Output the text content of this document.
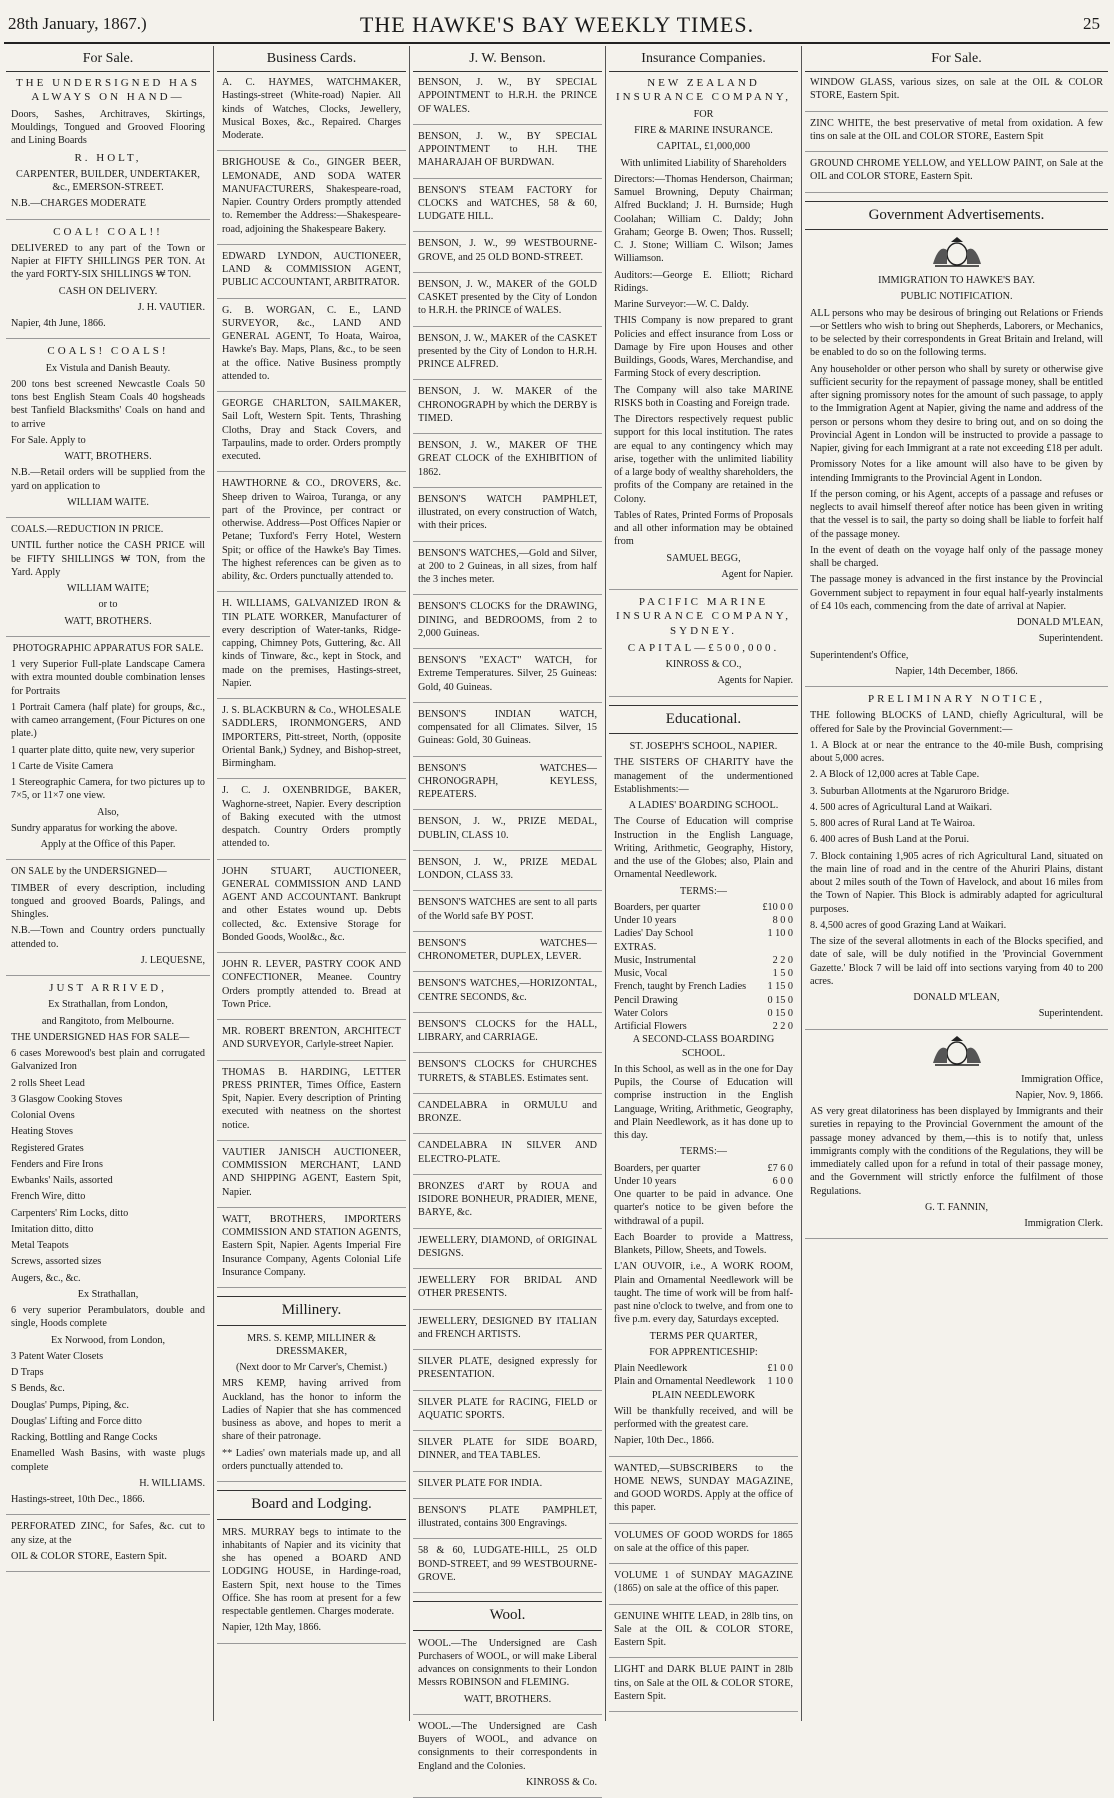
28th January, 1867.)	THE HAWKE'S BAY WEEKLY TIMES.	25
For Sale.

THE UNDERSIGNED HAS ALWAYS ON HAND—

Doors, Sashes, Architraves, Skirtings, Mouldings, Tongued and Grooved Flooring and Lining Boards

R. HOLT,

CARPENTER, BUILDER, UNDERTAKER, &c., EMERSON-STREET.

N.B.—CHARGES MODERATE

COAL! COAL!!

DELIVERED to any part of the Town or Napier at FIFTY SHILLINGS PER TON. At the yard FORTY-SIX SHILLINGS ₩ TON.

CASH ON DELIVERY.

J. H. VAUTIER.

Napier, 4th June, 1866.

COALS! COALS!

Ex Vistula and Danish Beauty.

200 tons best screened Newcastle Coals 50 tons best English Steam Coals 40 hogsheads best Tanfield Blacksmiths' Coals on hand and to arrive

For Sale. Apply to

WATT, BROTHERS.

N.B.—Retail orders will be supplied from the yard on application to

WILLIAM WAITE.

COALS.—REDUCTION IN PRICE.

UNTIL further notice the CASH PRICE will be FIFTY SHILLINGS ₩ TON, from the Yard. Apply

WILLIAM WAITE;

or to

WATT, BROTHERS.

PHOTOGRAPHIC APPARATUS FOR SALE.

1 very Superior Full-plate Landscape Camera with extra mounted double combination lenses for Portraits

1 Portrait Camera (half plate) for groups, &c., with cameo arrangement, (Four Pictures on one plate.)

1 quarter plate ditto, quite new, very superior

1 Carte de Visite Camera

1 Stereographic Camera, for two pictures up to 7×5, or 11×7 one view.

Also,

Sundry apparatus for working the above.

Apply at the Office of this Paper.

ON SALE by the UNDERSIGNED—

TIMBER of every description, including tongued and grooved Boards, Palings, and Shingles.

N.B.—Town and Country orders punctually attended to.

J. LEQUESNE,

JUST ARRIVED,

Ex Strathallan, from London,

and Rangitoto, from Melbourne.

THE UNDERSIGNED HAS FOR SALE—

6 cases Morewood's best plain and corrugated Galvanized Iron

2 rolls Sheet Lead

3 Glasgow Cooking Stoves

Colonial Ovens

Heating Stoves

Registered Grates

Fenders and Fire Irons

Ewbanks' Nails, assorted

French Wire, ditto

Carpenters' Rim Locks, ditto

Imitation ditto, ditto

Metal Teapots

Screws, assorted sizes

Augers, &c., &c.

Ex Strathallan,

6 very superior Perambulators, double and single, Hoods complete

Ex Norwood, from London,

3 Patent Water Closets

D Traps

S Bends, &c.

Douglas' Pumps, Piping, &c.

Douglas' Lifting and Force ditto

Racking, Bottling and Range Cocks

Enamelled Wash Basins, with waste plugs complete

H. WILLIAMS.

Hastings-street, 10th Dec., 1866.

PERFORATED ZINC, for Safes, &c. cut to any size, at the

OIL & COLOR STORE, Eastern Spit.

Business Cards.

A. C. HAYMES, WATCHMAKER, Hastings-street (White-road) Napier. All kinds of Watches, Clocks, Jewellery, Musical Boxes, &c., Repaired. Charges Moderate.

BRIGHOUSE & Co., GINGER BEER, LEMONADE, AND SODA WATER MANUFACTURERS, Shakespeare-road, Napier. Country Orders promptly attended to. Remember the Address:—Shakespeare-road, adjoining the Shakespeare Bakery.

EDWARD LYNDON, AUCTIONEER, LAND & COMMISSION AGENT, PUBLIC ACCOUNTANT, ARBITRATOR.

G. B. WORGAN, C. E., LAND SURVEYOR, &c., LAND AND GENERAL AGENT, To Hoata, Wairoa, Hawke's Bay. Maps, Plans, &c., to be seen at the office. Native Business promptly attended to.

GEORGE CHARLTON, SAILMAKER, Sail Loft, Western Spit. Tents, Thrashing Cloths, Dray and Stack Covers, and Tarpaulins, made to order. Orders promptly executed.

HAWTHORNE & CO., DROVERS, &c. Sheep driven to Wairoa, Turanga, or any part of the Province, per contract or otherwise. Address—Post Offices Napier or Petane; Tuxford's Ferry Hotel, Western Spit; or office of the Hawke's Bay Times. The highest references can be given as to ability, &c. Orders punctually attended to.

H. WILLIAMS, GALVANIZED IRON & TIN PLATE WORKER, Manufacturer of every description of Water-tanks, Ridge-capping, Chimney Pots, Guttering, &c. All kinds of Tinware, &c., kept in Stock, and made on the premises, Hastings-street, Napier.

J. S. BLACKBURN & Co., WHOLESALE SADDLERS, IRONMONGERS, AND IMPORTERS, Pitt-street, North, (opposite Oriental Bank,) Sydney, and Bishop-street, Birmingham.

J. C. J. OXENBRIDGE, BAKER, Waghorne-street, Napier. Every description of Baking executed with the utmost despatch. Country Orders promptly attended to.

JOHN STUART, AUCTIONEER, GENERAL COMMISSION AND LAND AGENT AND ACCOUNTANT. Bankrupt and other Estates wound up. Debts collected, &c. Extensive Storage for Bonded Goods, Wool&c., &c.

JOHN R. LEVER, PASTRY COOK AND CONFECTIONER, Meanee. Country Orders promptly attended to. Bread at Town Price.

MR. ROBERT BRENTON, ARCHITECT AND SURVEYOR, Carlyle-street Napier.

THOMAS B. HARDING, LETTER PRESS PRINTER, Times Office, Eastern Spit, Napier. Every description of Printing executed with neatness on the shortest notice.

VAUTIER JANISCH AUCTIONEER, COMMISSION MERCHANT, LAND AND SHIPPING AGENT, Eastern Spit, Napier.

WATT, BROTHERS, IMPORTERS COMMISSION AND STATION AGENTS, Eastern Spit, Napier. Agents Imperial Fire Insurance Company, Agents Colonial Life Insurance Company.

Millinery.

MRS. S. KEMP, MILLINER & DRESSMAKER,

(Next door to Mr Carver's, Chemist.)

MRS KEMP, having arrived from Auckland, has the honor to inform the Ladies of Napier that she has commenced business as above, and hopes to merit a share of their patronage.

** Ladies' own materials made up, and all orders punctually attended to.

Board and Lodging.

MRS. MURRAY begs to intimate to the inhabitants of Napier and its vicinity that she has opened a BOARD AND LODGING HOUSE, in Hardinge-road, Eastern Spit, next house to the Times Office. She has room at present for a few respectable gentlemen. Charges moderate.

Napier, 12th May, 1866.

J. W. Benson.

BENSON, J. W., BY SPECIAL APPOINTMENT to H.R.H. the PRINCE OF WALES.

BENSON, J. W., BY SPECIAL APPOINTMENT to H.H. THE MAHARAJAH OF BURDWAN.

BENSON'S STEAM FACTORY for CLOCKS and WATCHES, 58 & 60, LUDGATE HILL.

BENSON, J. W., 99 WESTBOURNE-GROVE, and 25 OLD BOND-STREET.

BENSON, J. W., MAKER of the GOLD CASKET presented by the City of London to H.R.H. the PRINCE of WALES.

BENSON, J. W., MAKER of the CASKET presented by the City of London to H.R.H. PRINCE ALFRED.

BENSON, J. W. MAKER of the CHRONOGRAPH by which the DERBY is TIMED.

BENSON, J. W., MAKER OF THE GREAT CLOCK of the EXHIBITION of 1862.

BENSON'S WATCH PAMPHLET, illustrated, on every construction of Watch, with their prices.

BENSON'S WATCHES,—Gold and Silver, at 200 to 2 Guineas, in all sizes, from half the 3 inches meter.

BENSON'S CLOCKS for the DRAWING, DINING, and BEDROOMS, from 2 to 2,000 Guineas.

BENSON'S "EXACT" WATCH, for Extreme Temperatures. Silver, 25 Guineas: Gold, 40 Guineas.

BENSON'S INDIAN WATCH, compensated for all Climates. Silver, 15 Guineas: Gold, 30 Guineas.

BENSON'S WATCHES—CHRONOGRAPH, KEYLESS, REPEATERS.

BENSON, J. W., PRIZE MEDAL, DUBLIN, CLASS 10.

BENSON, J. W., PRIZE MEDAL LONDON, CLASS 33.

BENSON'S WATCHES are sent to all parts of the World safe BY POST.

BENSON'S WATCHES—CHRONOMETER, DUPLEX, LEVER.

BENSON'S WATCHES,—HORIZONTAL, CENTRE SECONDS, &c.

BENSON'S CLOCKS for the HALL, LIBRARY, and CARRIAGE.

BENSON'S CLOCKS for CHURCHES TURRETS, & STABLES. Estimates sent.

CANDELABRA in ORMULU and BRONZE.

CANDELABRA IN SILVER AND ELECTRO-PLATE.

BRONZES d'ART by ROUA and ISIDORE BONHEUR, PRADIER, MENE, BARYE, &c.

JEWELLERY, DIAMOND, of ORIGINAL DESIGNS.

JEWELLERY FOR BRIDAL AND OTHER PRESENTS.

JEWELLERY, DESIGNED BY ITALIAN and FRENCH ARTISTS.

SILVER PLATE, designed expressly for PRESENTATION.

SILVER PLATE for RACING, FIELD or AQUATIC SPORTS.

SILVER PLATE for SIDE BOARD, DINNER, and TEA TABLES.

SILVER PLATE FOR INDIA.

BENSON'S PLATE PAMPHLET, illustrated, contains 300 Engravings.

58 & 60, LUDGATE-HILL, 25 OLD BOND-STREET, and 99 WESTBOURNE-GROVE.

Wool.

WOOL.—The Undersigned are Cash Purchasers of WOOL, or will make Liberal advances on consignments to their London Messrs ROBINSON and FLEMING.

WATT, BROTHERS.

WOOL.—The Undersigned are Cash Buyers of WOOL, and advance on consignments to their correspondents in England and the Colonies.

KINROSS & Co.

Insurance Companies.

NEW ZEALAND INSURANCE COMPANY,

FOR

FIRE & MARINE INSURANCE.

CAPITAL, £1,000,000

With unlimited Liability of Shareholders

Directors:—Thomas Henderson, Chairman; Samuel Browning, Deputy Chairman; Alfred Buckland; J. H. Burnside; Hugh Coolahan; William C. Daldy; John Graham; George B. Owen; Thos. Russell; C. J. Stone; William C. Wilson; James Williamson.

Auditors:—George E. Elliott; Richard Ridings.

Marine Surveyor:—W. C. Daldy.

THIS Company is now prepared to grant Policies and effect insurance from Loss or Damage by Fire upon Houses and other Buildings, Goods, Wares, Merchandise, and Farming Stock of every description.

The Company will also take MARINE RISKS both in Coasting and Foreign trade.

The Directors respectively request public support for this local institution. The rates are equal to any contingency which may arise, together with the unlimited liability of a large body of wealthy shareholders, the profits of the Company are retained in the Colony.

Tables of Rates, Printed Forms of Proposals and all other information may be obtained from

SAMUEL BEGG,

Agent for Napier.

PACIFIC MARINE INSURANCE COMPANY, SYDNEY.

CAPITAL—£500,000.

KINROSS & CO.,

Agents for Napier.

Educational.

ST. JOSEPH'S SCHOOL, NAPIER.

THE SISTERS OF CHARITY have the management of the undermentioned Establishments:—

A LADIES' BOARDING SCHOOL.

The Course of Education will comprise Instruction in the English Language, Writing, Arithmetic, Geography, History, and the use of the Globes; also, Plain and Ornamental Needlework.

TERMS:—

Boarders, per quarter	£10 0 0
Under 10 years	8 0 0
Ladies' Day School	1 10 0
EXTRAS.
Music, Instrumental	2 2 0
Music, Vocal	1 5 0
French, taught by French Ladies 1 15 0
Pencil Drawing	0 15 0
Water Colors	0 15 0
Artificial Flowers	2 2 0

A SECOND-CLASS BOARDING SCHOOL.

In this School, as well as in the one for Day Pupils, the Course of Education will comprise instruction in the English Language, Writing, Arithmetic, Geography, and Plain Needlework, as it has done up to this day.

TERMS:—

Boarders, per quarter	£7 6 0
Under 10 years	6 0 0

One quarter to be paid in advance. One quarter's notice to be given before the withdrawal of a pupil.

Each Boarder to provide a Mattress, Blankets, Pillow, Sheets, and Towels.

L'AN OUVOIR, i.e., A WORK ROOM, Plain and Ornamental Needlework will be taught. The time of work will be from half-past nine o'clock to twelve, and from one to five p.m. every day, Saturdays excepted.

TERMS PER QUARTER,

FOR APPRENTICESHIP:

Plain Needlework	£1 0 0
Plain and Ornamental Needlework 1 10 0

PLAIN NEEDLEWORK

Will be thankfully received, and will be performed with the greatest care.

Napier, 10th Dec., 1866.

WANTED,—SUBSCRIBERS to the HOME NEWS, SUNDAY MAGAZINE, and GOOD WORDS. Apply at the office of this paper.

VOLUMES OF GOOD WORDS for 1865 on sale at the office of this paper.

VOLUME 1 of SUNDAY MAGAZINE (1865) on sale at the office of this paper.

GENUINE WHITE LEAD, in 28lb tins, on Sale at the OIL & COLOR STORE, Eastern Spit.

LIGHT and DARK BLUE PAINT in 28lb tins, on Sale at the OIL & COLOR STORE, Eastern Spit.

For Sale.

WINDOW GLASS, various sizes, on sale at the OIL & COLOR STORE, Eastern Spit.

ZINC WHITE, the best preservative of metal from oxidation. A few tins on sale at the OIL and COLOR STORE, Eastern Spit

GROUND CHROME YELLOW, and YELLOW PAINT, on Sale at the OIL and COLOR STORE, Eastern Spit.

Government Advertisements.

IMMIGRATION TO HAWKE'S BAY.

PUBLIC NOTIFICATION.

ALL persons who may be desirous of bringing out Relations or Friends—or Settlers who wish to bring out Shepherds, Laborers, or Mechanics, to be selected by their correspondents in Great Britain and Ireland, will be enabled to do so on the following terms.

Any householder or other person who shall by surety or otherwise give sufficient security for the repayment of passage money, shall be entitled after signing promissory notes for the amount of such passage, to apply to the Immigration Agent at Napier, giving the name and address of the person or persons whom they desire to bring out, and on so doing the Provincial Agent in London will be instructed to provide a passage to Napier, giving for each Immigrant at a rate not exceeding £18 per adult.

Promissory Notes for a like amount will also have to be given by intending Immigrants to the Provincial Agent in London.

If the person coming, or his Agent, accepts of a passage and refuses or neglects to avail himself thereof after notice has been given in writing that the vessel is to sail, the party so doing shall be liable to forfeit half of the passage money.

In the event of death on the voyage half only of the passage money shall be charged.

The passage money is advanced in the first instance by the Provincial Government subject to repayment in four equal half-yearly instalments of £4 10s each, commencing from the date of arrival at Napier.

DONALD M'LEAN,

Superintendent.

Superintendent's Office,

Napier, 14th December, 1866.

PRELIMINARY NOTICE,

THE following BLOCKS of LAND, chiefly Agricultural, will be offered for Sale by the Provincial Government:—

1. A Block at or near the entrance to the 40-mile Bush, comprising about 5,000 acres.

2. A Block of 12,000 acres at Table Cape.

3. Suburban Allotments at the Ngaruroro Bridge.

4. 500 acres of Agricultural Land at Waikari.

5. 800 acres of Rural Land at Te Wairoa.

6. 400 acres of Bush Land at the Porui.

7. Block containing 1,905 acres of rich Agricultural Land, situated on the main line of road and in the centre of the Ahuriri Plains, distant about 2 miles south of the Town of Havelock, and about 16 miles from the Town of Napier. This Block is admirably adapted for agricultural purposes.

8. 4,500 acres of good Grazing Land at Waikari.

The size of the several allotments in each of the Blocks specified, and date of sale, will be duly notified in the 'Provincial Government Gazette.' Block 7 will be laid off into sections varying from 40 to 200 acres.

DONALD M'LEAN,

Superintendent.

Immigration Office,

Napier, Nov. 9, 1866.

AS very great dilatoriness has been displayed by Immigrants and their sureties in repaying to the Provincial Government the amount of the passage money advanced by them,—this is to notify that, unless immigrants comply with the conditions of the Regulations, they will be immediately called upon for a refund in total of their passage money, and the Government will strictly enforce the fulfilment of those Regulations.

G. T. FANNIN,

Immigration Clerk.
